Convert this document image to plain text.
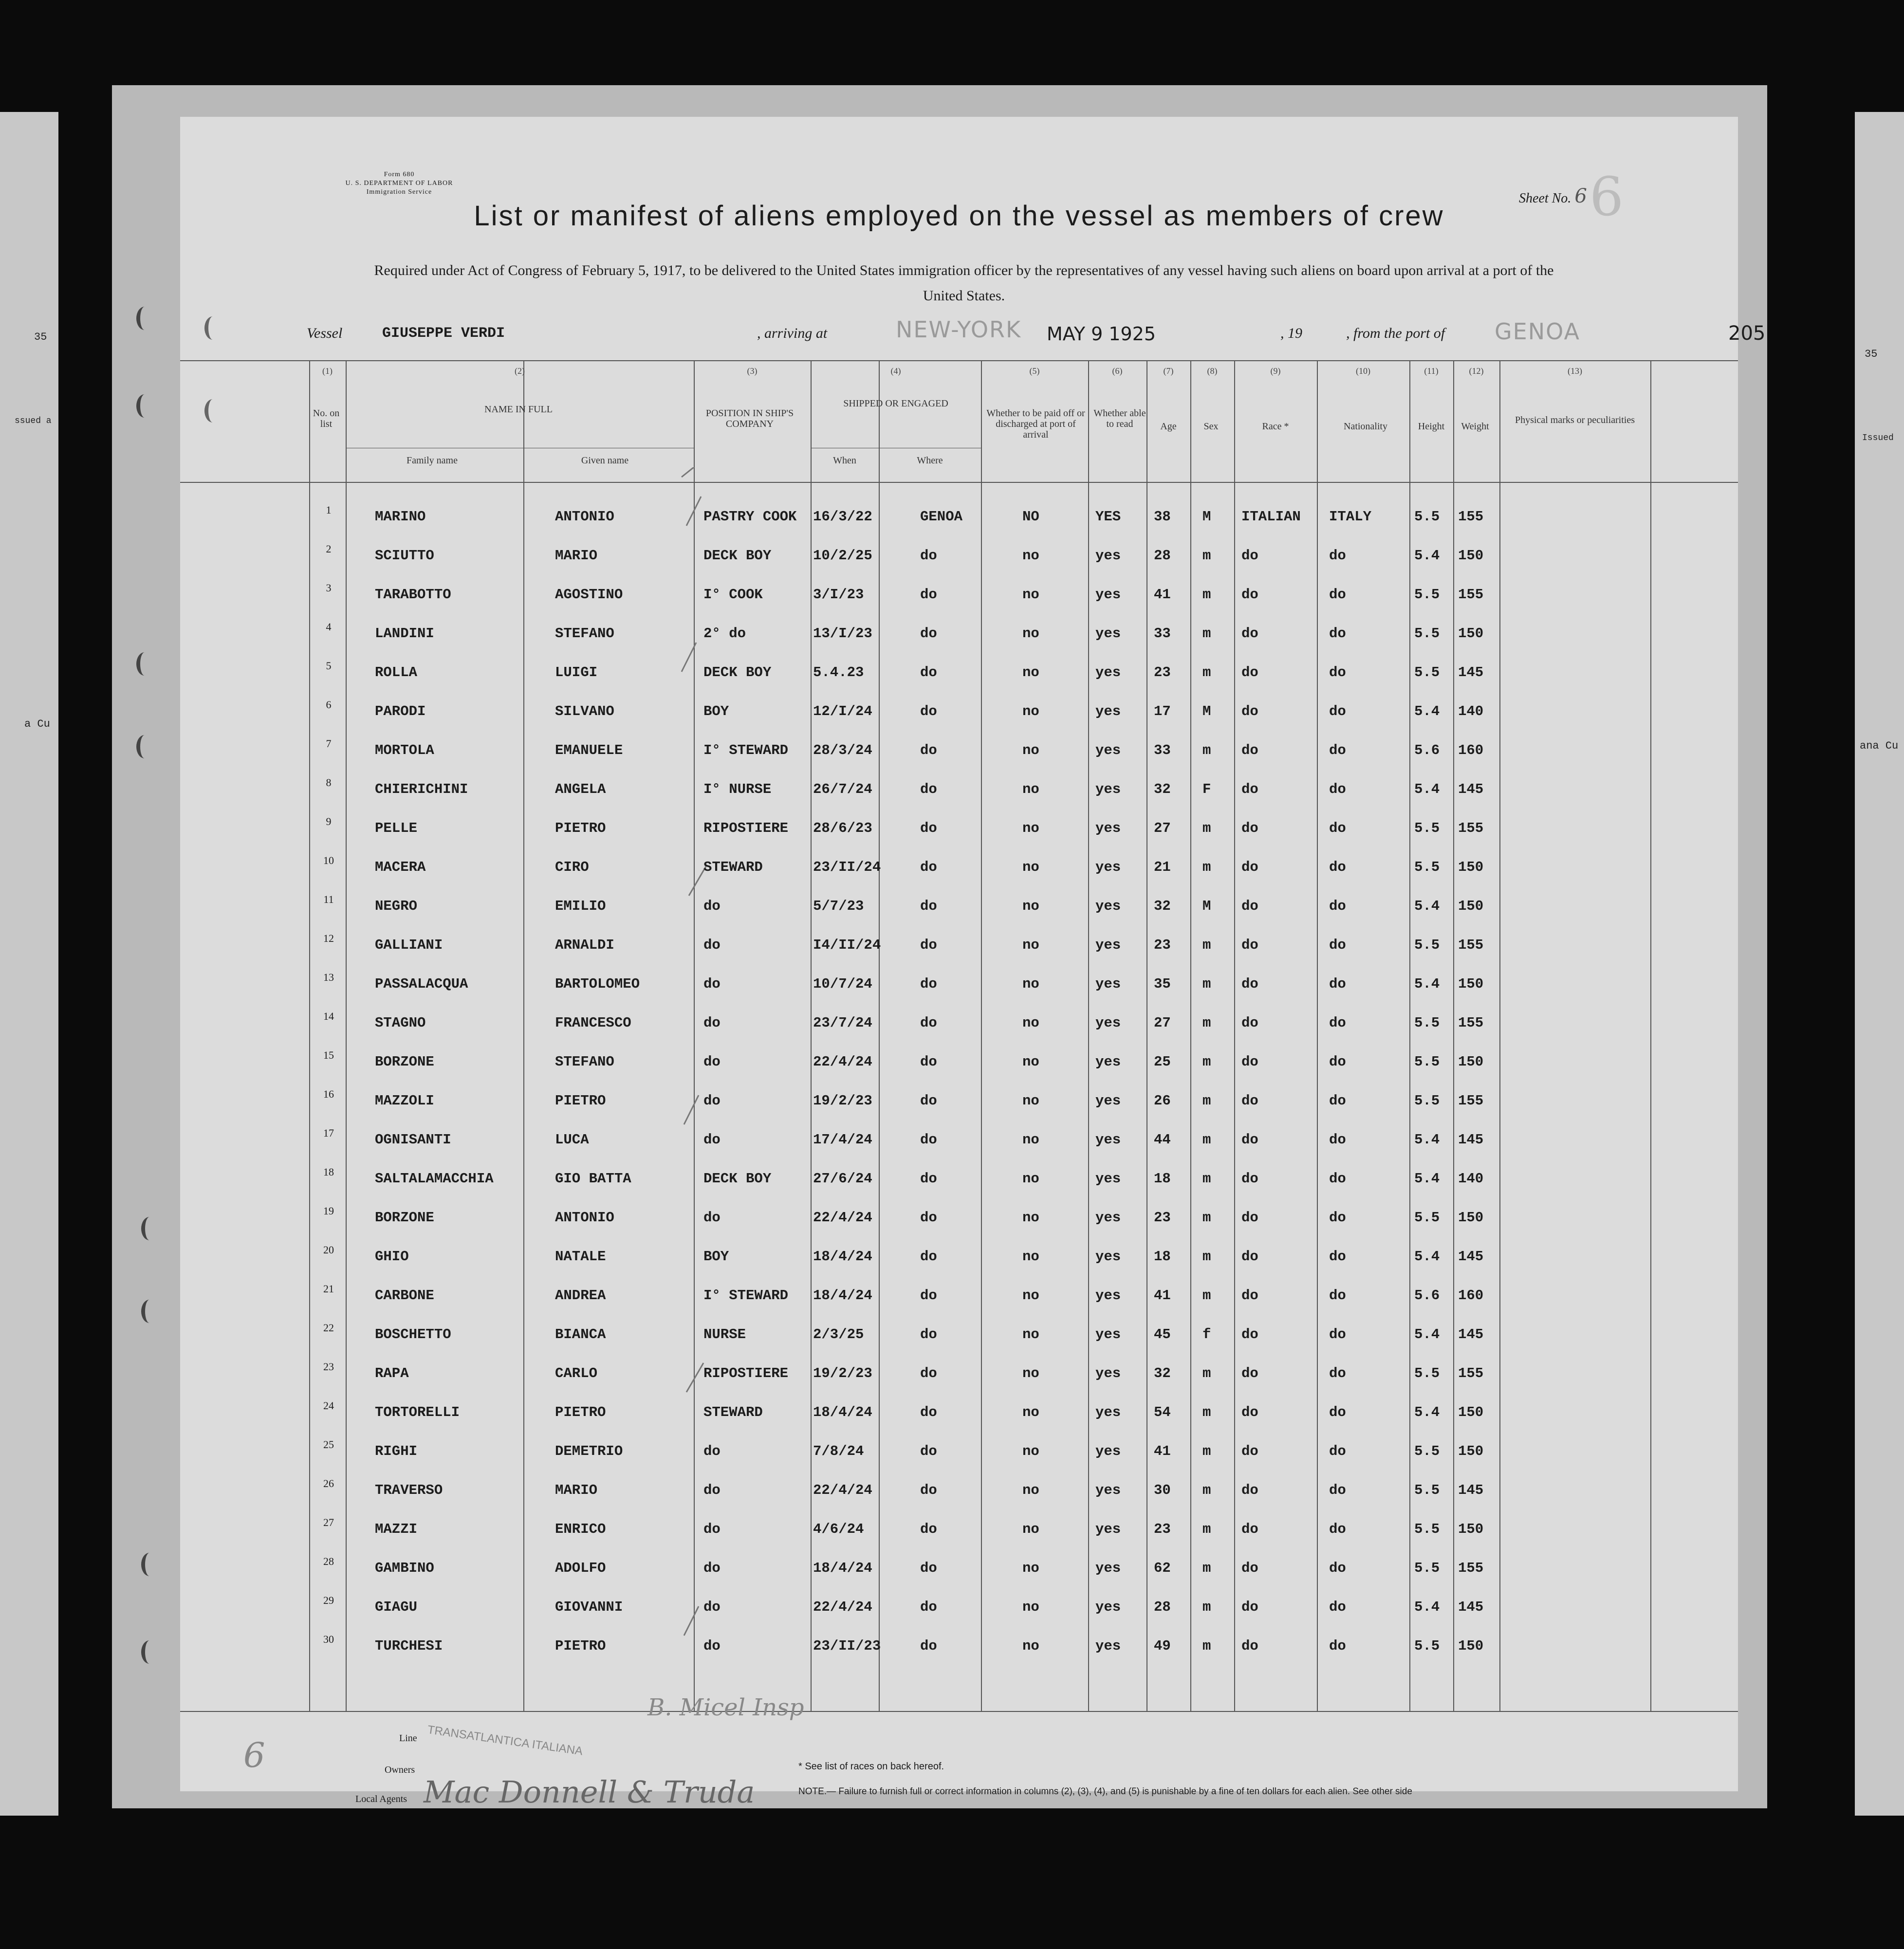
35
ssued a
a Cu
35
Issued
ana Cu
Form 680
U. S. DEPARTMENT OF LABOR
Immigration Service	Sheet No. 6 6
List or manifest of aliens employed on the vessel as members of crew
Required under Act of Congress of February 5, 1917, to be delivered to the United States immigration officer by the representatives of any vessel having such aliens on board upon arrival at a port of the United States.
Vessel	GIUSEPPE VERDI	, arriving at	NEW-YORK MAY 9 1925	, 19	, from the port of GENOA	205
(1)	(2)	(3)	(4)	(5)	(6)	(7)	(8)	(9)	(10)	(11)	(12)	(13)
No. on list
NAME IN FULL
Family name	Given name
POSITION IN SHIP'S COMPANY
SHIPPED OR ENGAGED
When	Where
Whether to be paid off or discharged at port of arrival
Whether able to read	Age	Sex	Race *	Nationality	Height	Weight
Physical marks or peculiarities
1	MARINO	ANTONIO	PASTRY COOK 16/3/22	GENOA	NO	YES 38 M ITALIAN ITALY	5.5 155
2	SCIUTTO	MARIO	DECK BOY	10/2/25	do	no	yes 28 m do	do	5.4 150
3	TARABOTTO	AGOSTINO	I° COOK	3/I/23	do	no	yes 41 m do	do	5.5 155
4	LANDINI	STEFANO	2° do	13/I/23	do	no	yes 33 m do	do	5.5 150
5	ROLLA	LUIGI	DECK BOY	5.4.23	do	no	yes 23 m do	do	5.5 145
6	PARODI	SILVANO	BOY	12/I/24	do	no	yes 17 M do	do	5.4 140
7	MORTOLA	EMANUELE	I° STEWARD 28/3/24	do	no	yes 33 m do	do	5.6 160
8	CHIERICHINI	ANGELA	I° NURSE	26/7/24	do	no	yes 32 F do	do	5.4 145
9	PELLE	PIETRO	RIPOSTIERE 28/6/23	do	no	yes 27 m do	do	5.5 155
10	MACERA	CIRO	STEWARD	23/II/24	do	no	yes 21 m do	do	5.5 150
11	NEGRO	EMILIO	do	5/7/23	do	no	yes 32 M do	do	5.4 150
12	GALLIANI	ARNALDI	do	I4/II/24	do	no	yes 23 m do	do	5.5 155
13	PASSALACQUA	BARTOLOMEO	do	10/7/24	do	no	yes 35 m do	do	5.4 150
14	STAGNO	FRANCESCO	do	23/7/24	do	no	yes 27 m do	do	5.5 155
15	BORZONE	STEFANO	do	22/4/24	do	no	yes 25 m do	do	5.5 150
16	MAZZOLI	PIETRO	do	19/2/23	do	no	yes 26 m do	do	5.5 155
17	OGNISANTI	LUCA	do	17/4/24	do	no	yes 44 m do	do	5.4 145
18	SALTALAMACCHIA	GIO BATTA	DECK BOY	27/6/24	do	no	yes 18 m do	do	5.4 140
19	BORZONE	ANTONIO	do	22/4/24	do	no	yes 23 m do	do	5.5 150
20	GHIO	NATALE	BOY	18/4/24	do	no	yes 18 m do	do	5.4 145
21	CARBONE	ANDREA	I° STEWARD 18/4/24	do	no	yes 41 m do	do	5.6 160
22	BOSCHETTO	BIANCA	NURSE	2/3/25	do	no	yes 45 f do	do	5.4 145
23	RAPA	CARLO	RIPOSTIERE 19/2/23	do	no	yes 32 m do	do	5.5 155
24	TORTORELLI	PIETRO	STEWARD	18/4/24	do	no	yes 54 m do	do	5.4 150
25	RIGHI	DEMETRIO	do	7/8/24	do	no	yes 41 m do	do	5.5 150
26	TRAVERSO	MARIO	do	22/4/24	do	no	yes 30 m do	do	5.5 145
27	MAZZI	ENRICO	do	4/6/24	do	no	yes 23 m do	do	5.5 150
28	GAMBINO	ADOLFO	do	18/4/24	do	no	yes 62 m do	do	5.5 155
29	GIAGU	GIOVANNI	do	22/4/24	do	no	yes 28 m do	do	5.4 145
30	TURCHESI	PIETRO	do	23/II/23	do	no	yes 49 m do	do	5.5 150
6	Line TRANSATLANTICA ITALIANA
Owners
Local Agents Mac Donnell & Truda
B. Micel Insp
* See list of races on back hereof.
NOTE.— Failure to furnish full or correct information in columns (2), (3), (4), and (5) is punishable by a fine of ten dollars for each alien. See other side
